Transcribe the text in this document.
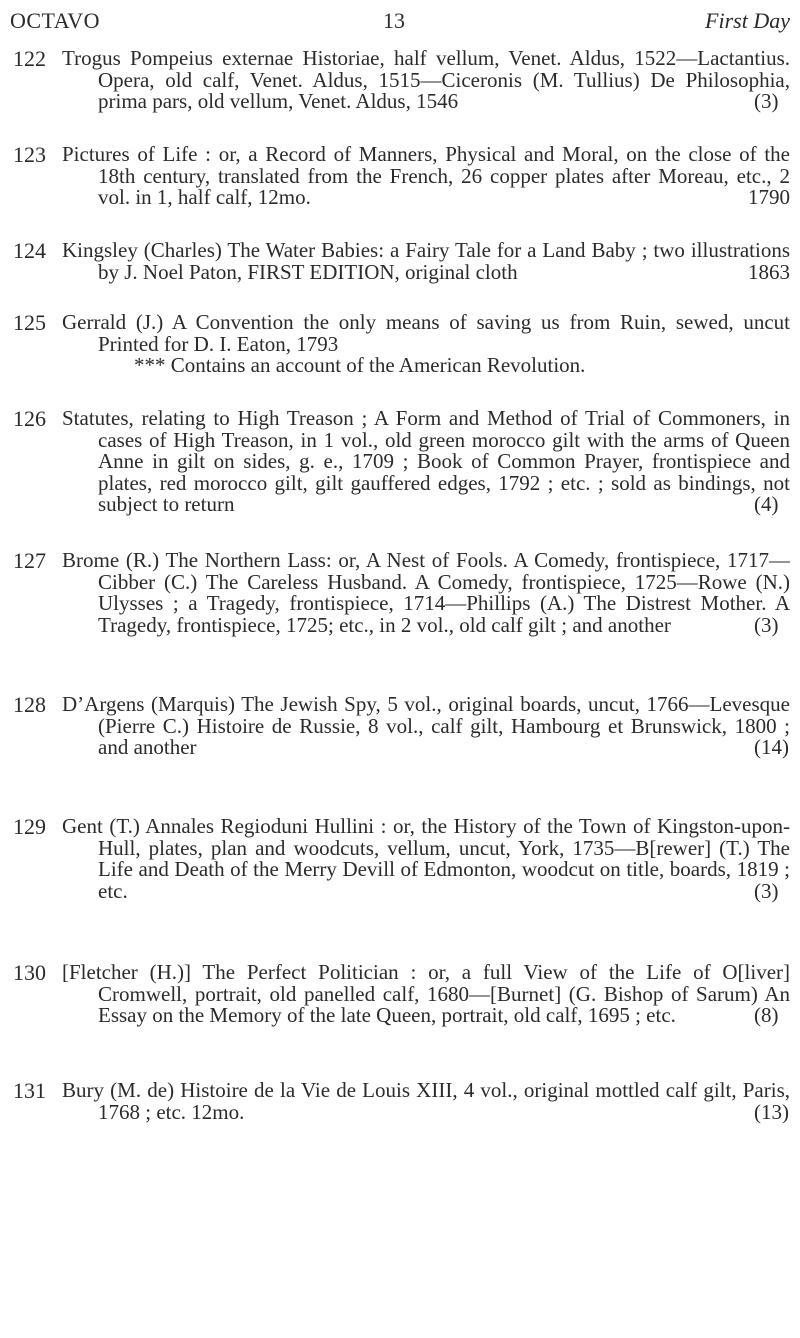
OCTAVO	13	First Day
122 Trogus Pompeius externae Historiae, half vellum, Venet. Aldus, 1522—Lactantius. Opera, old calf, Venet. Aldus, 1515—Ciceronis (M. Tullius) De Philosophia, prima pars, old vellum, Venet. Aldus, 1546	(3)
123 Pictures of Life : or, a Record of Manners, Physical and Moral, on the close of the 18th century, translated from the French, 26 copper plates after Moreau, etc., 2 vol. in 1, half calf, 12mo.	1790
124 Kingsley (Charles) The Water Babies: a Fairy Tale for a Land Baby ; two illustrations by J. Noel Paton, FIRST EDITION, original cloth	1863
125 Gerrald (J.) A Convention the only means of saving us from Ruin, sewed, uncut Printed for D. I. Eaton, 1793
*** Contains an account of the American Revolution.
126 Statutes, relating to High Treason ; A Form and Method of Trial of Commoners, in cases of High Treason, in 1 vol., old green morocco gilt with the arms of Queen Anne in gilt on sides, g. e., 1709 ; Book of Common Prayer, frontispiece and plates, red morocco gilt, gilt gauffered edges, 1792 ; etc. ; sold as bindings, not subject to return	(4)
127 Brome (R.) The Northern Lass: or, A Nest of Fools. A Comedy, frontispiece, 1717—Cibber (C.) The Careless Husband. A Comedy, frontispiece, 1725—Rowe (N.) Ulysses ; a Tragedy, frontispiece, 1714—Phillips (A.) The Distrest Mother. A Tragedy, frontispiece, 1725; etc., in 2 vol., old calf gilt ; and another	(3)
128 D’Argens (Marquis) The Jewish Spy, 5 vol., original boards, uncut, 1766—Levesque (Pierre C.) Histoire de Russie, 8 vol., calf gilt, Hambourg et Brunswick, 1800 ; and another	(14)
129 Gent (T.) Annales Regioduni Hullini : or, the History of the Town of Kingston-upon-Hull, plates, plan and woodcuts, vellum, uncut, York, 1735—B[rewer] (T.) The Life and Death of the Merry Devill of Edmonton, woodcut on title, boards, 1819 ; etc.	(3)
130 [Fletcher (H.)] The Perfect Politician : or, a full View of the Life of O[liver] Cromwell, portrait, old panelled calf, 1680—[Burnet] (G. Bishop of Sarum) An Essay on the Memory of the late Queen, portrait, old calf, 1695 ; etc.	(8)
131 Bury (M. de) Histoire de la Vie de Louis XIII, 4 vol., original mottled calf gilt, Paris, 1768 ; etc. 12mo.	(13)
